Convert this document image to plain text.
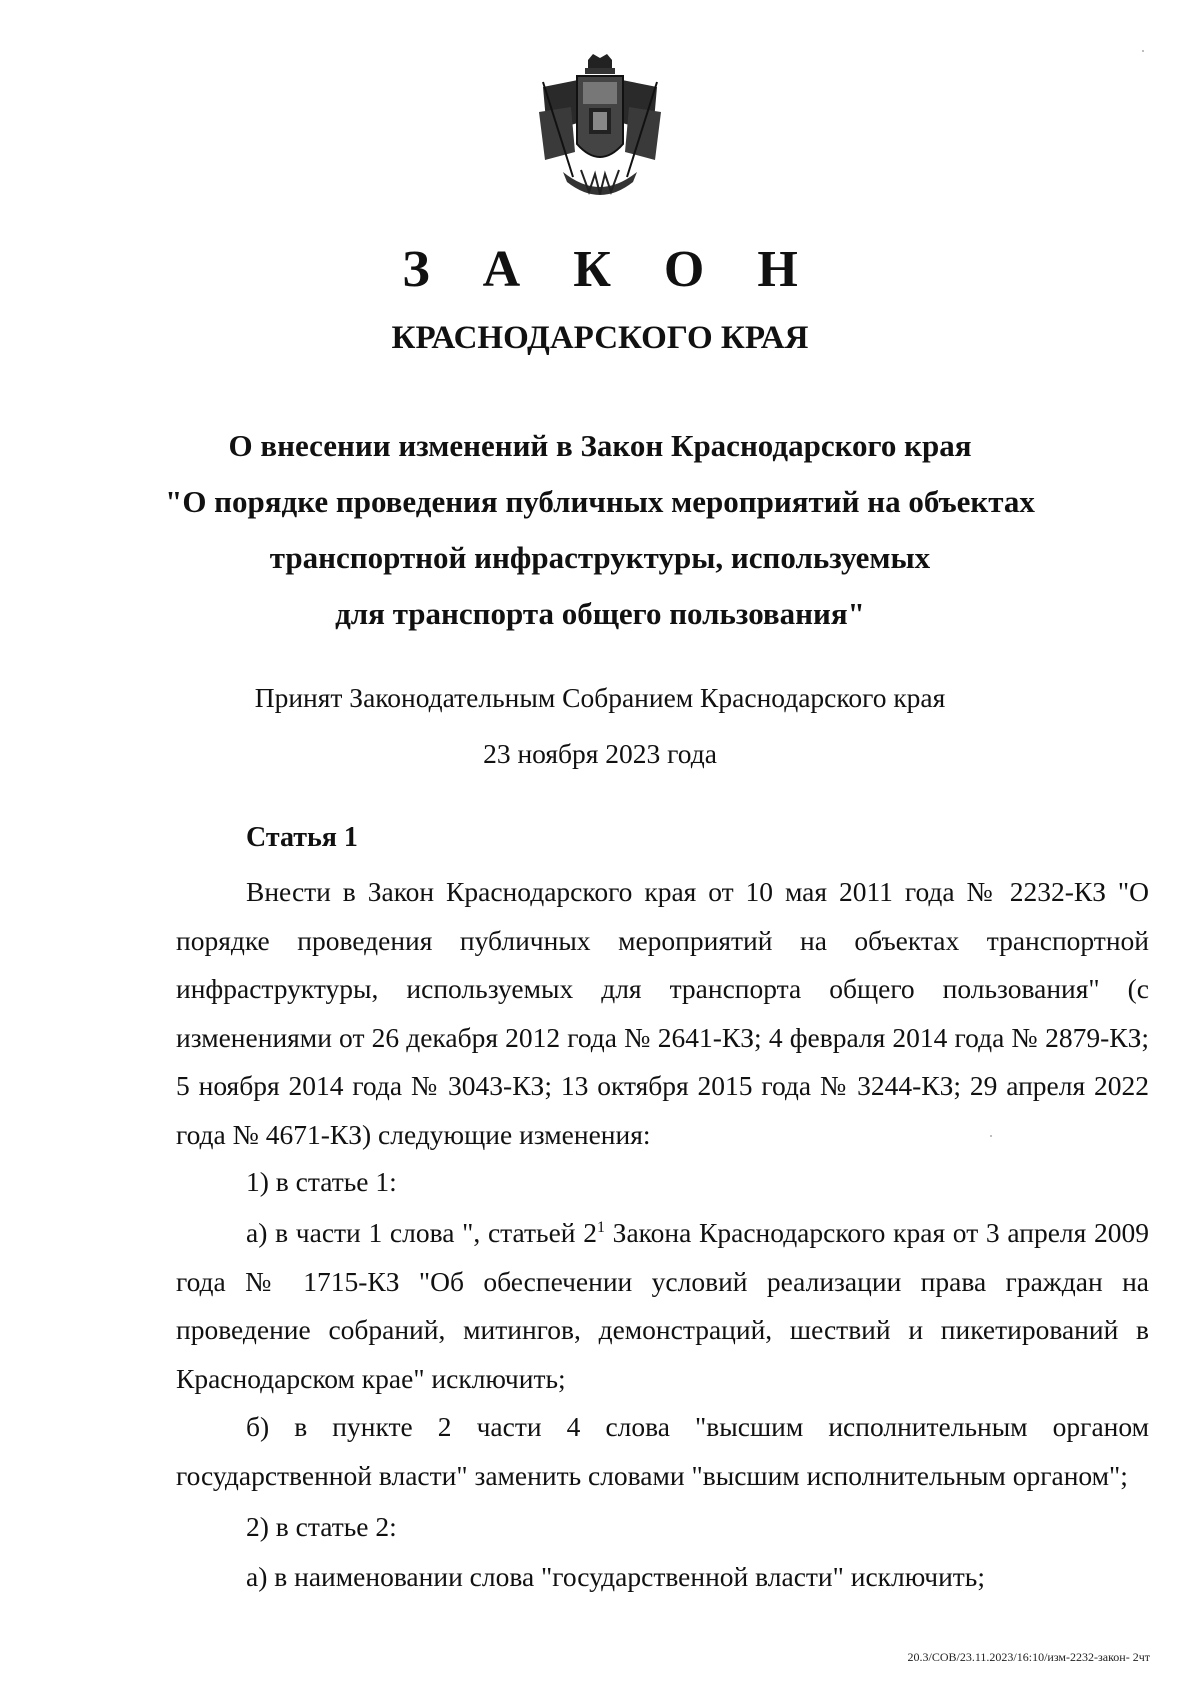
З А К О Н
КРАСНОДАРСКОГО КРАЯ
О внесении изменений в Закон Краснодарского края
"О порядке проведения публичных мероприятий на объектах
транспортной инфраструктуры, используемых
для транспорта общего пользования"
Принят Законодательным Собранием Краснодарского края
23 ноября 2023 года
Статья 1

Внести в Закон Краснодарского края от 10 мая 2011 года № 2232-КЗ "О порядке проведения публичных мероприятий на объектах транспортной инфраструктуры, используемых для транспорта общего пользования" (с изменениями от 26 декабря 2012 года № 2641-КЗ; 4 февраля 2014 года № 2879-КЗ; 5 ноября 2014 года № 3043-КЗ; 13 октября 2015 года № 3244-КЗ; 29 апреля 2022 года № 4671-КЗ) следующие изменения:

1) в статье 1:

а) в части 1 слова ", статьей $2^1$ Закона Краснодарского края от 3 апреля 2009 года № 1715-КЗ "Об обеспечении условий реализации права граждан на проведение собраний, митингов, демонстраций, шествий и пикетирований в Краснодарском крае" исключить;

б) в пункте 2 части 4 слова "высшим исполнительным органом государственной власти" заменить словами "высшим исполнительным органом";

2) в статье 2:

а) в наименовании слова "государственной власти" исключить;

20.3/СОВ/23.11.2023/16:10/изм-2232-закон- 2чт
